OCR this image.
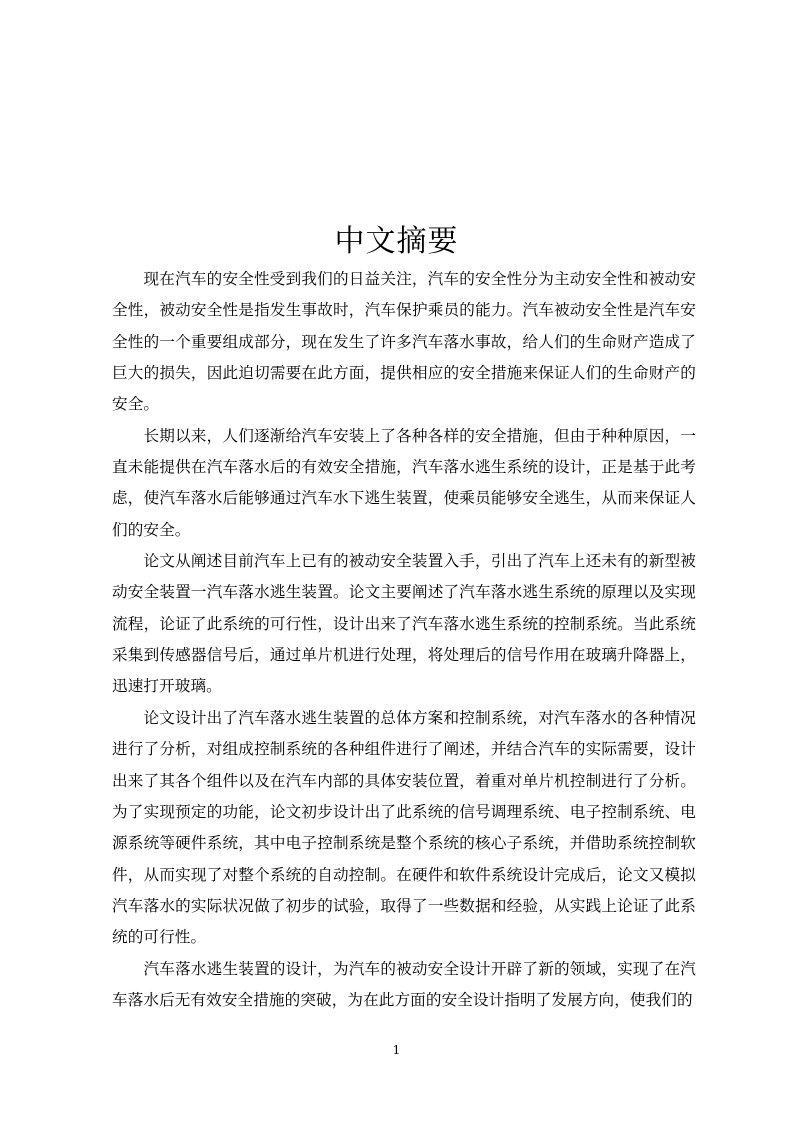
中文摘要

现在汽车的安全性受到我们的日益关注，汽车的安全性分为主动安全性和被动安全性，被动安全性是指发生事故时，汽车保护乘员的能力。汽车被动安全性是汽车安全性的一个重要组成部分，现在发生了许多汽车落水事故，给人们的生命财产造成了巨大的损失，因此迫切需要在此方面，提供相应的安全措施来保证人们的生命财产的安全。

长期以来，人们逐渐给汽车安装上了各种各样的安全措施，但由于种种原因，一直未能提供在汽车落水后的有效安全措施，汽车落水逃生系统的设计，正是基于此考虑，使汽车落水后能够通过汽车水下逃生装置，使乘员能够安全逃生，从而来保证人们的安全。

论文从阐述目前汽车上已有的被动安全装置入手，引出了汽车上还未有的新型被动安全装置一汽车落水逃生装置。论文主要阐述了汽车落水逃生系统的原理以及实现流程，论证了此系统的可行性，设计出来了汽车落水逃生系统的控制系统。当此系统采集到传感器信号后，通过单片机进行处理，将处理后的信号作用在玻璃升降器上，迅速打开玻璃。

论文设计出了汽车落水逃生装置的总体方案和控制系统，对汽车落水的各种情况进行了分析，对组成控制系统的各种组件进行了阐述，并结合汽车的实际需要，设计出来了其各个组件以及在汽车内部的具体安装位置，着重对单片机控制进行了分析。为了实现预定的功能，论文初步设计出了此系统的信号调理系统、电子控制系统、电源系统等硬件系统，其中电子控制系统是整个系统的核心子系统，并借助系统控制软件，从而实现了对整个系统的自动控制。在硬件和软件系统设计完成后，论文又模拟汽车落水的实际状况做了初步的试验，取得了一些数据和经验，从实践上论证了此系统的可行性。

汽车落水逃生装置的设计，为汽车的被动安全设计开辟了新的领域，实现了在汽车落水后无有效安全措施的突破，为在此方面的安全设计指明了发展方向，使我们的

1
